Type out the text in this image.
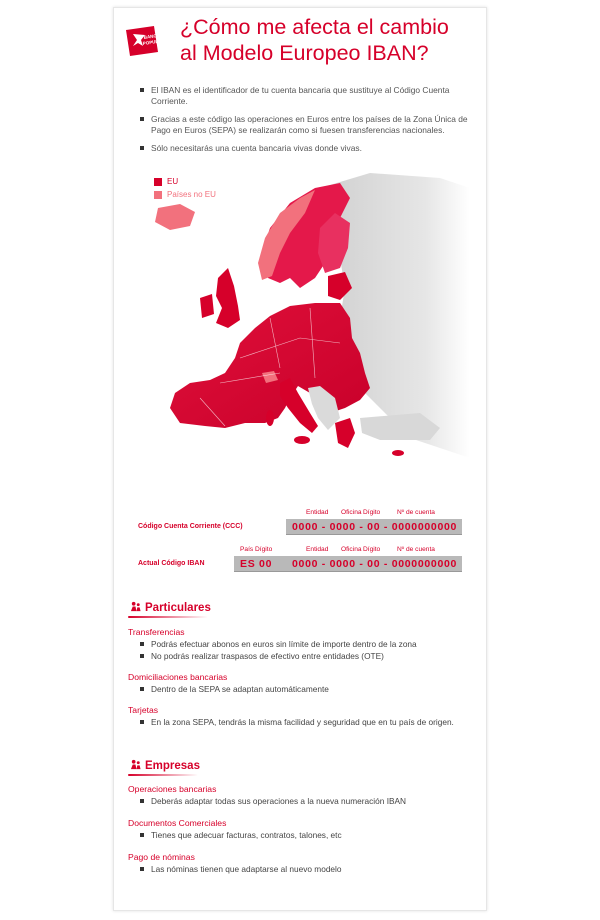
BANCO
POPULAR
¿Cómo me afecta el cambio
al Modelo Europeo IBAN?
El IBAN es el identificador de tu cuenta bancaria que sustituye al Código Cuenta Corriente.
Gracias a este código las operaciones en Euros entre los países de la Zona Única de Pago en Euros (SEPA) se realizarán como si fuesen transferencias nacionales.
Sólo necesitarás una cuenta bancaria vivas donde vivas.
EU
Países no EU
Entidad Oficina Dígito	Nº de cuenta
Código Cuenta Corriente (CCC)	0000 - 0000 - 00 - 0000000000
País Dígito	Entidad Oficina Dígito	Nº de cuenta
Actual Código IBAN	ES 00	0000 - 0000 - 00 - 0000000000
Particulares
Transferencias
Podrás efectuar abonos en euros sin límite de importe dentro de la zona
No podrás realizar traspasos de efectivo entre entidades (OTE)
Domiciliaciones bancarias
Dentro de la SEPA se adaptan automáticamente
Tarjetas
En la zona SEPA, tendrás la misma facilidad y seguridad que en tu país de origen.
Empresas
Operaciones bancarias
Deberás adaptar todas sus operaciones a la nueva numeración IBAN
Documentos Comerciales
Tienes que adecuar facturas, contratos, talones, etc
Pago de nóminas
Las nóminas tienen que adaptarse al nuevo modelo
